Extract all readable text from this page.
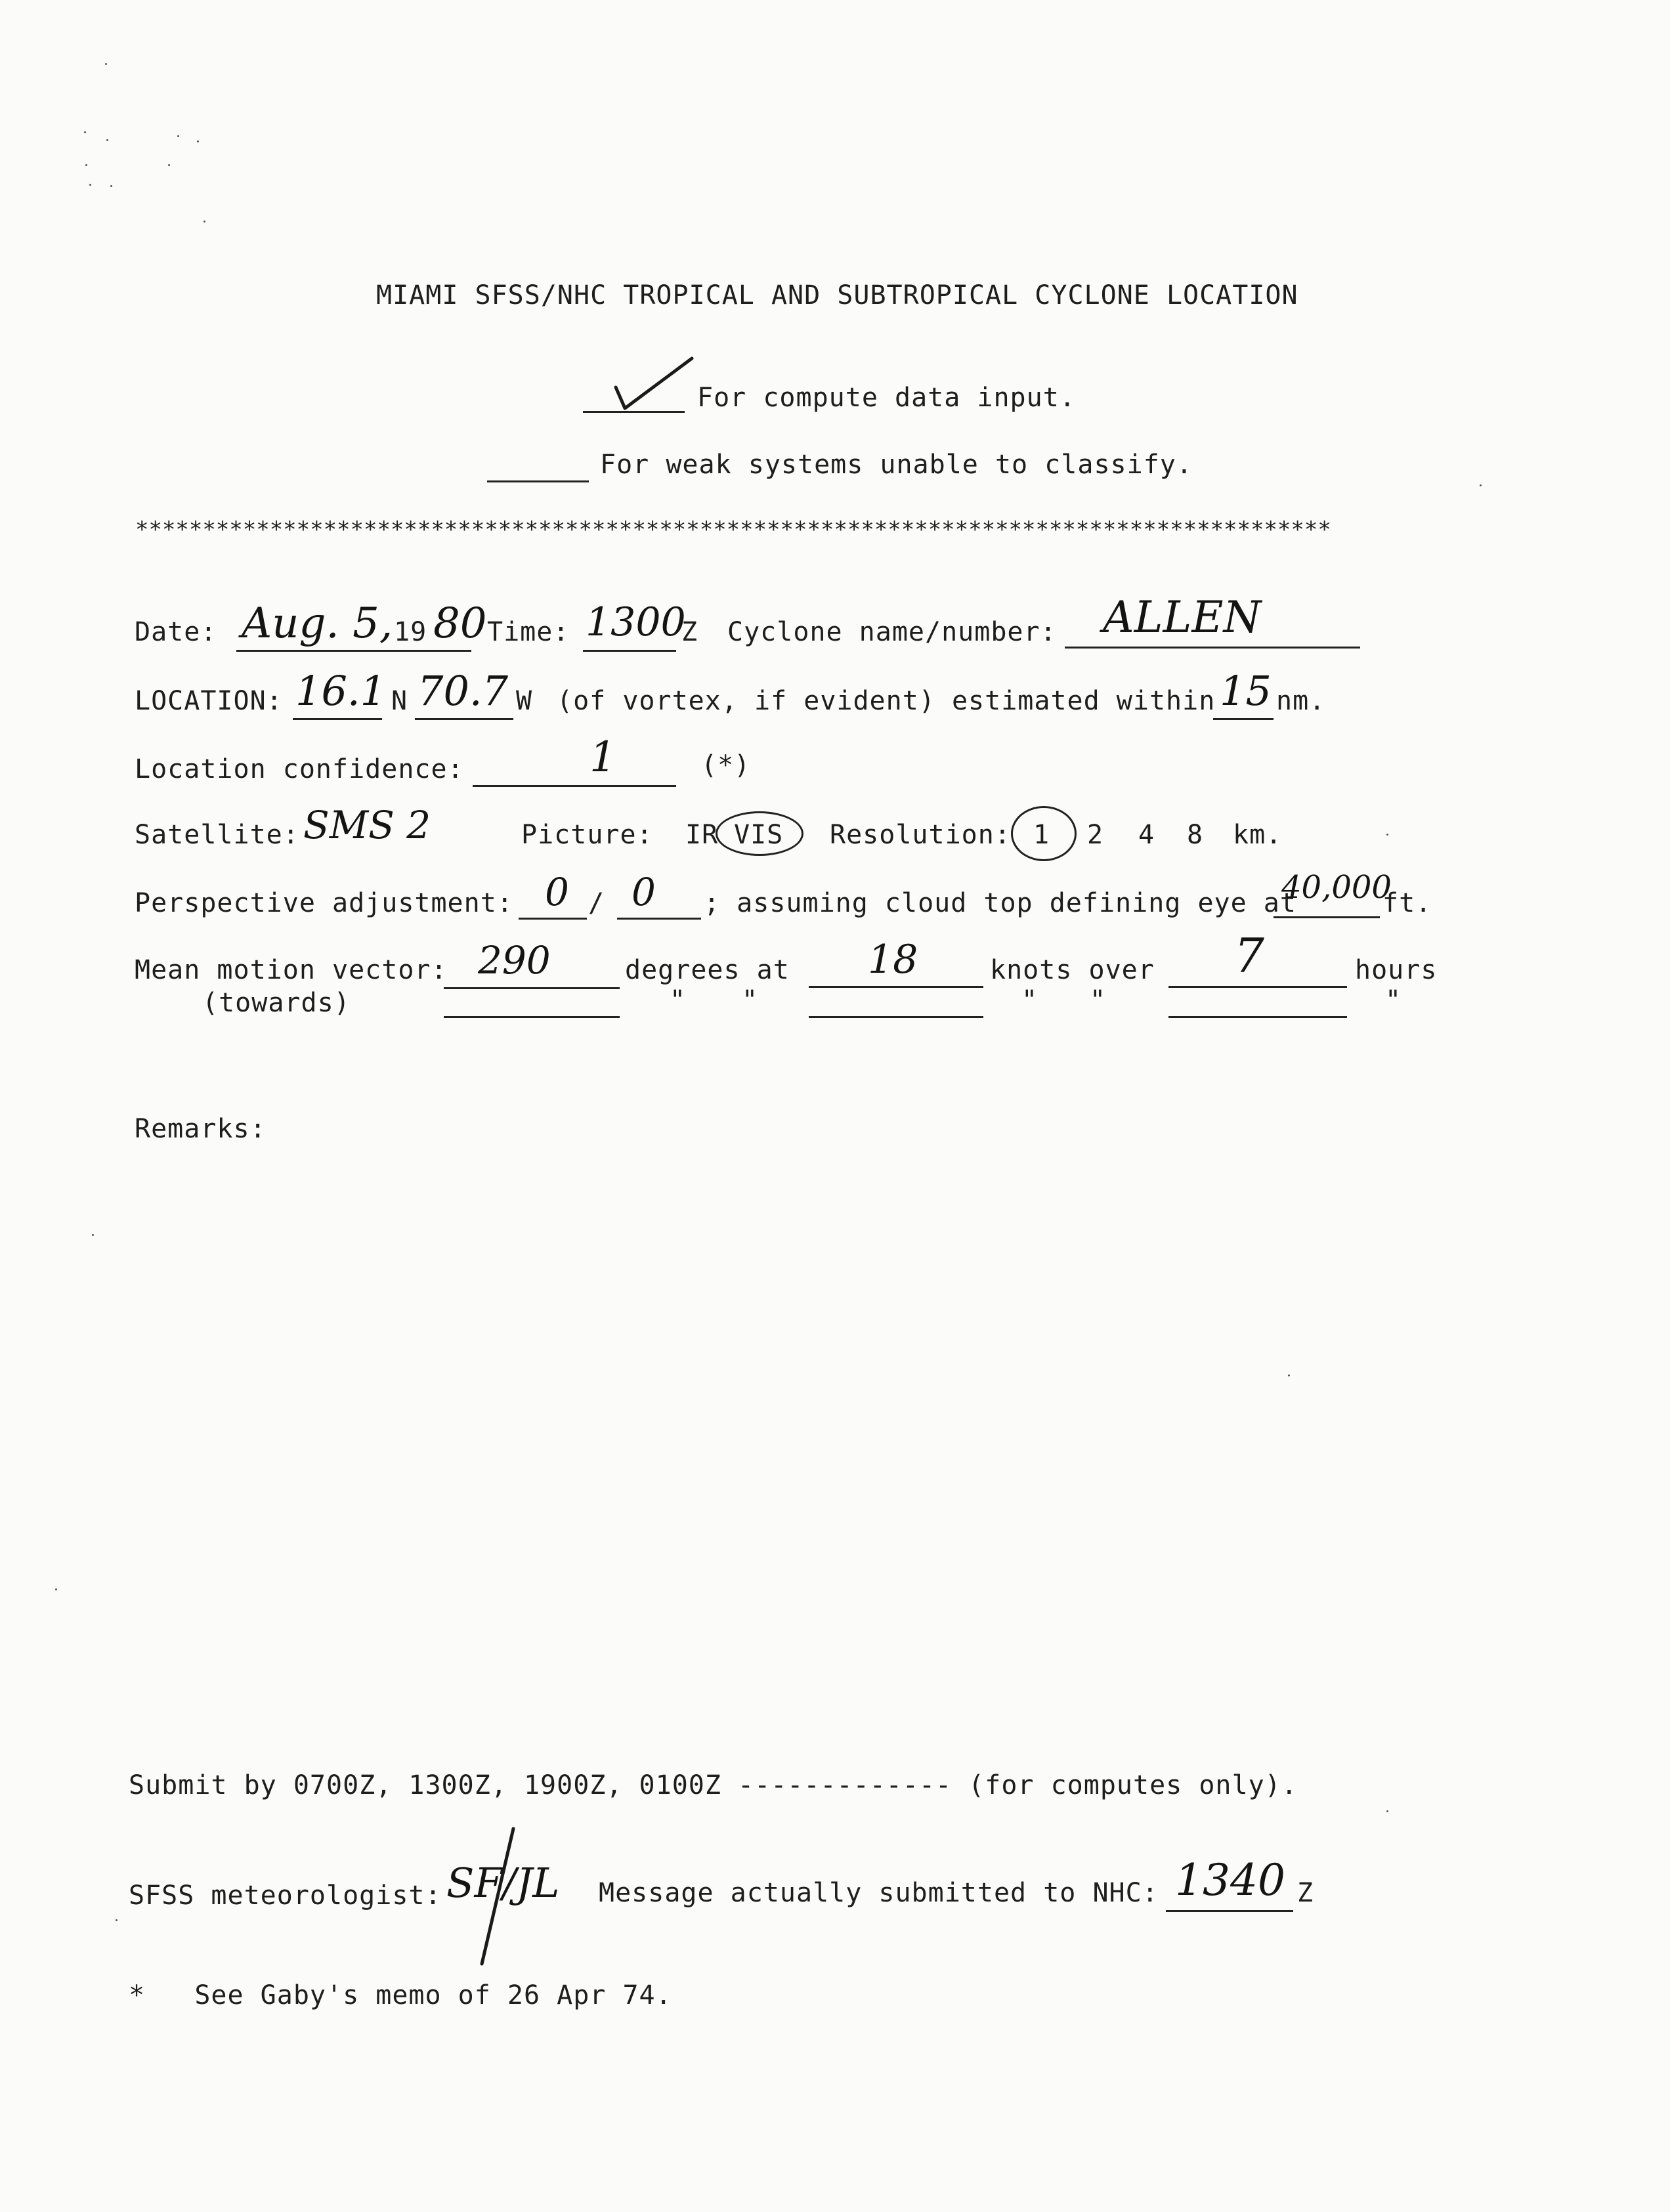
MIAMI SFSS/NHC TROPICAL AND SUBTROPICAL CYCLONE LOCATION
For compute data input.
For weak systems unable to classify.
*****************************************************************************************
Date: Aug. 5, 19 80 Time: 1300
Z Cyclone name/number: ALLEN
LOCATION: 16.1 N 70.7 W (of vortex, if evident) estimated within 15 nm.
Location confidence:	1	(*)
Satellite: SMS 2	Picture: IR VIS Resolution: 1 2 4 8 km.
Perspective adjustment: 0 / 0 ; assuming cloud top defining eye at
40,000
ft.
Mean motion vector: 290	degrees at 18	knots over 7	hours
(towards)	" "	" "	"
Remarks:
Submit by 0700Z, 1300Z, 1900Z, 0100Z ------------- (for computes only).
SFSS meteorologist: SF/JL Message actually submitted to NHC: 1340 Z
*   See Gaby's memo of 26 Apr 74.
